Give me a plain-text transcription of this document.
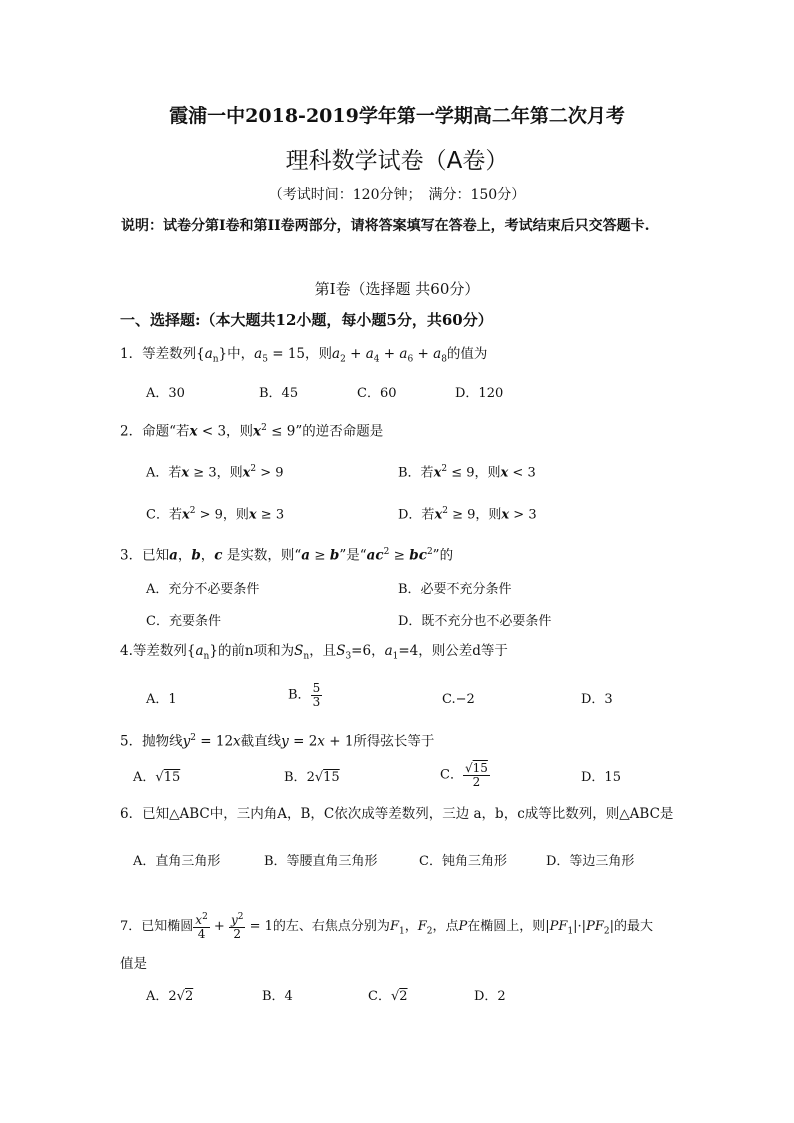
霞浦一中2018-2019学年第一学期高二年第二次月考
理科数学试卷（A卷）
（考试时间：120分钟；　满分：150分）
说明：试卷分第I卷和第II卷两部分，请将答案填写在答卷上，考试结束后只交答题卡.
第I卷（选择题 共60分）
一、选择题:（本大题共12小题，每小题5分，共60分）
1．等差数列$\{a_n\}$中，$a_5 = 15$，则$a_2 + a_4 + a_6 + a_8$的值为
A．30	B．45	C．60	D．120
2．命题“若x < 3，则$x^2 \le 9$”的逆否命题是
A．若x ≥ 3，则$x^2 > 9$	B．若$x^2 \le 9$，则x < 3
C．若$x^2 > 9$，则x ≥ 3	D．若$x^2 \ge 9$，则x > 3
3．已知a，b，c 是实数，则“a ≥ b”是“$ac^2 \ge bc^2$”的
A．充分不必要条件	B．必要不充分条件
C．充要条件	D．既不充分也不必要条件
4.等差数列$\{a_n\}$的前n项和为$S_n$，且$S_3=6$，$a_1=4$，则公差d等于
A．1	B． $\frac{5}{3}$	C.−2	D．3
5．抛物线$y^2 = 12x$截直线y = 2x + 1所得弦长等于
A．√15	B．2√15	C． $\frac{√15}{2}$	D．15
6．已知△ABC中，三内角A，B，C依次成等差数列，三边 a，b，c成等比数列，则△ABC是
A．直角三角形	B．等腰直角三角形	C．钝角三角形	D．等边三角形
7．已知椭圆 $\frac{x^2}{4} + \frac{y^2}{2} = 1$的左、右焦点分别为$F_1$，$F_2$，点P在椭圆上，则$|PF_1|\cdot|PF_2|$的最大
值是
A．2√2	B．4	C．√2	D．2
